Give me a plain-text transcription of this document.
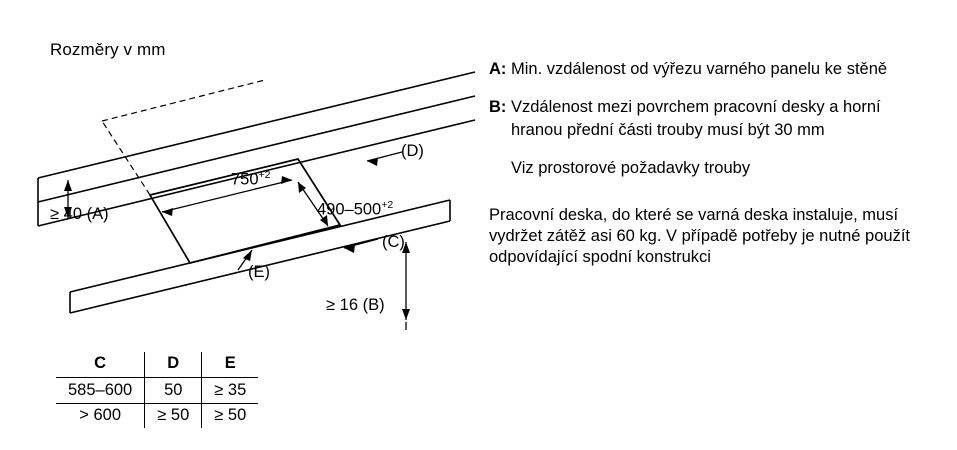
Rozměry v mm
$750^{+2}$
$490-500^{+2}$
≥ 40 (A)
≥ 16 (B)
(C)
(D)
(E)
C	D	E
585–600	50	≥ 35
> 600	≥ 50	≥ 50
A: Min. vzdálenost od výřezu varného panelu ke stěně
B: Vzdálenost mezi povrchem pracovní desky a horní hranou přední části trouby musí být 30 mm
Viz prostorové požadavky trouby
Pracovní deska, do které se varná deska instaluje, musí vydržet zátěž asi 60 kg. V případě potřeby je nutné použít odpovídající spodní konstrukci
